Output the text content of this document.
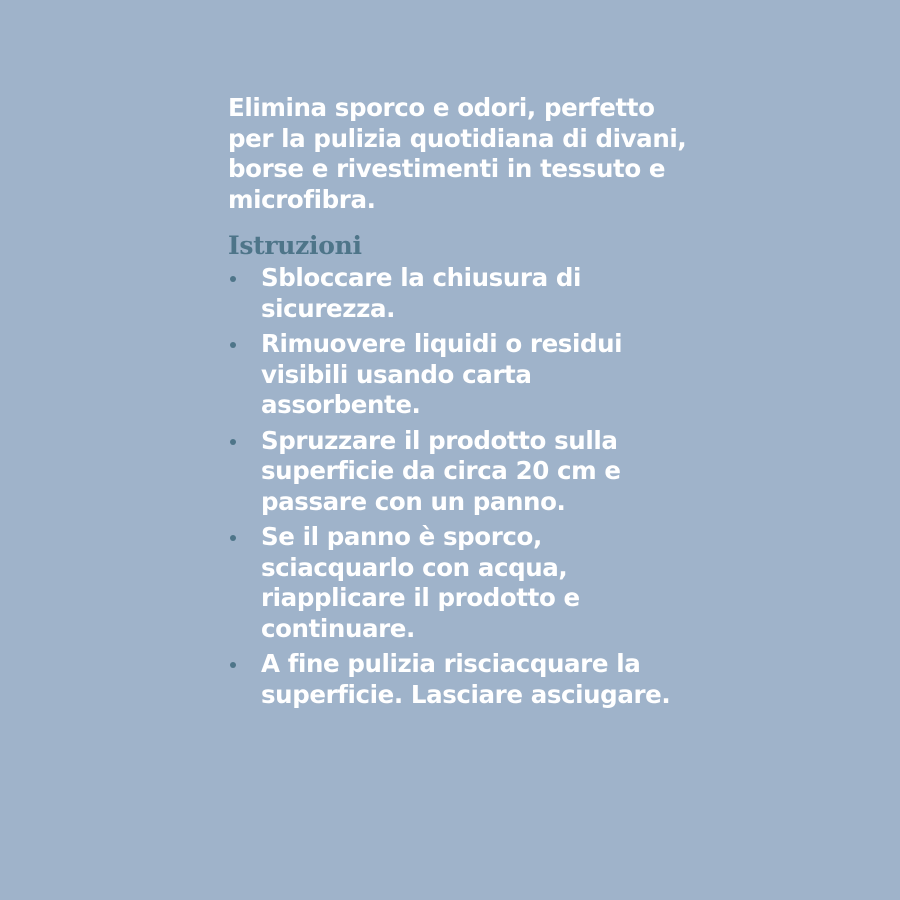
Elimina sporco e odori, perfetto per la pulizia quotidiana di divani, borse e rivestimenti in tessuto e microfibra.

Istruzioni
Sbloccare la chiusura di sicurezza.
Rimuovere liquidi o residui visibili usando carta assorbente.
Spruzzare il prodotto sulla superficie da circa 20 cm e passare con un panno.
Se il panno è sporco, sciacquarlo con acqua, riapplicare il prodotto e continuare.
A fine pulizia risciacquare la superficie. Lasciare asciugare.
